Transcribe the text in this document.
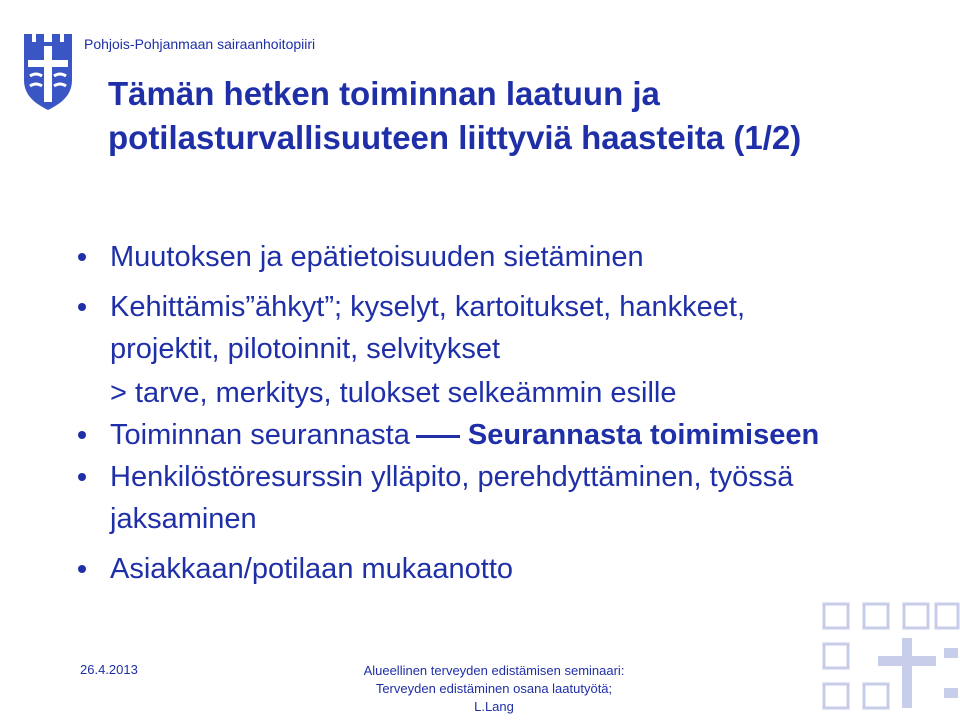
Pohjois-Pohjanmaan sairaanhoitopiiri
Tämän hetken toiminnan laatuun ja
potilasturvallisuuteen liittyviä haasteita (1/2)
Muutoksen ja epätietoisuuden sietäminen
Kehittämis”ähkyt”; kyselyt, kartoitukset, hankkeet,
projektit, pilotoinnit, selvitykset
> tarve, merkitys, tulokset selkeämmin esille
Toiminnan seurannasta Seurannasta toimimiseen
Henkilöstöresurssin ylläpito, perehdyttäminen, työssä
jaksaminen
Asiakkaan/potilaan mukaanotto
26.4.2013	Alueellinen terveyden edistämisen seminaari:
Terveyden edistäminen osana laatutyötä;
L.Lang
